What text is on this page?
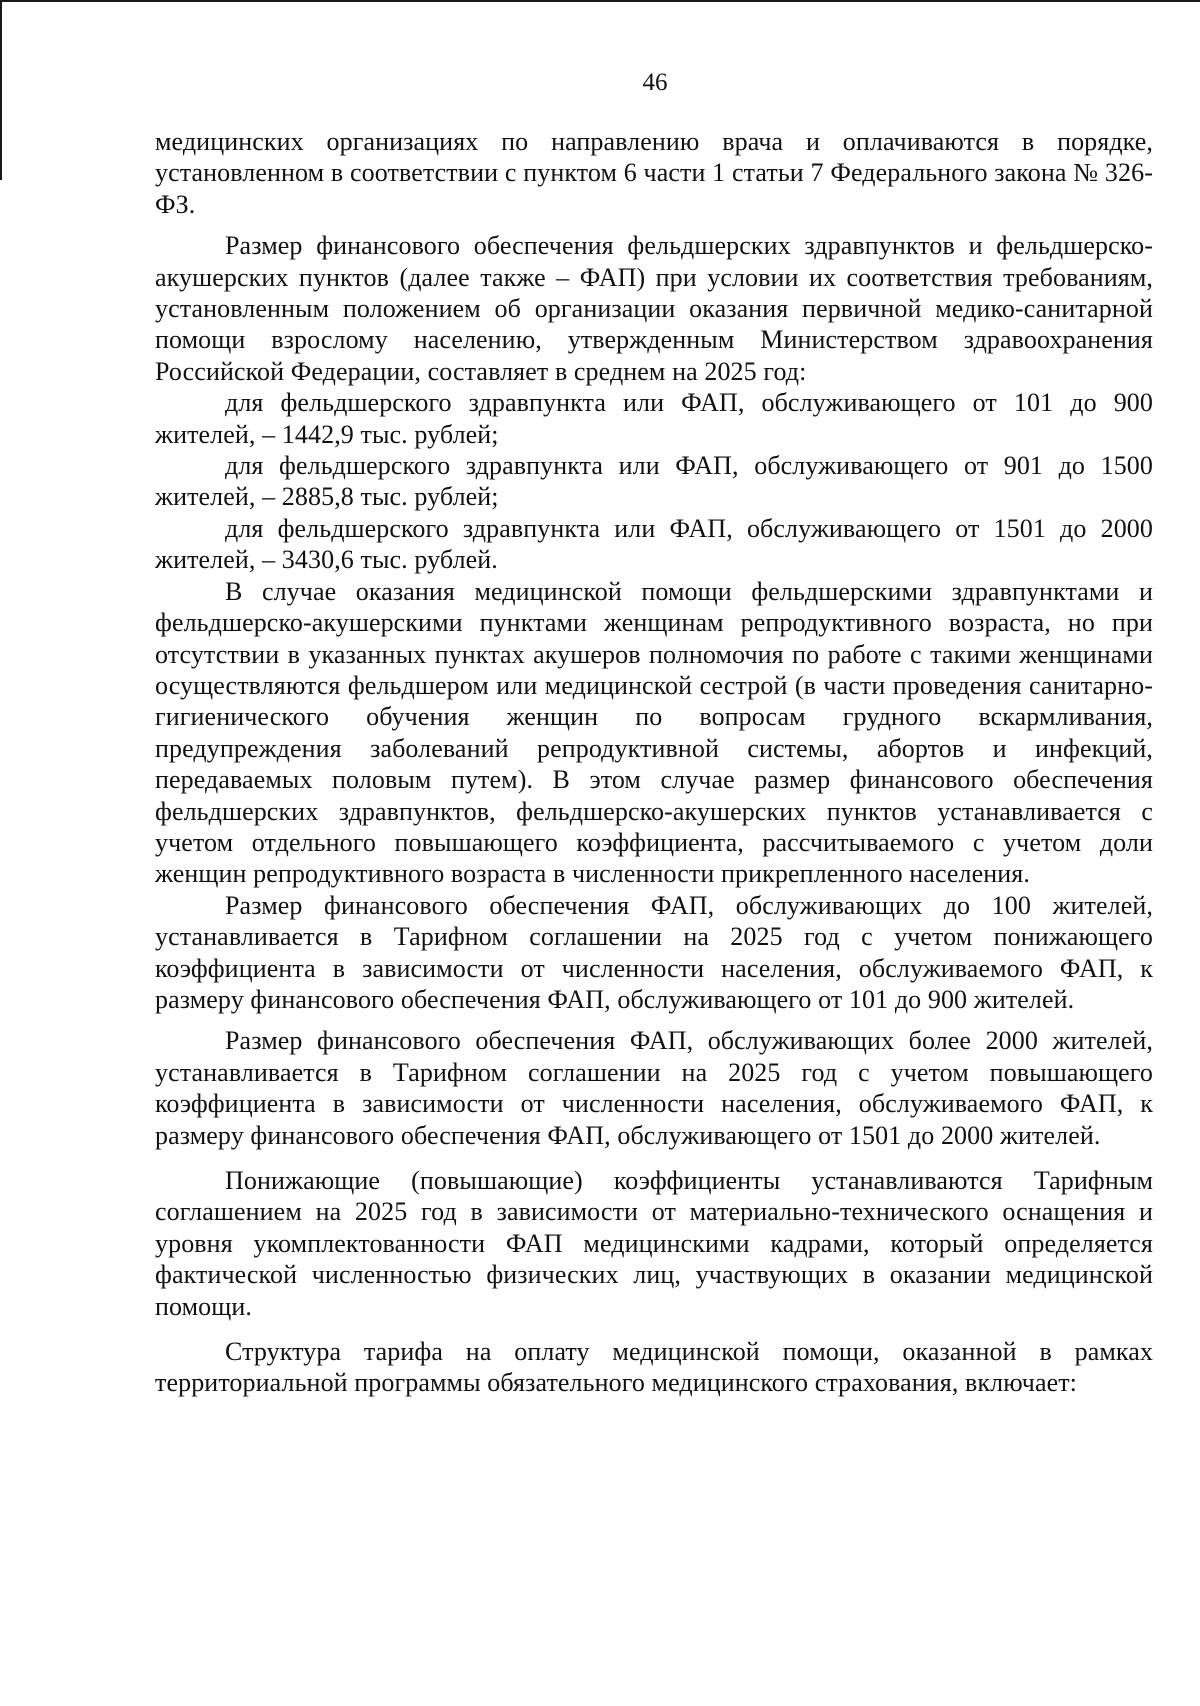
46

медицинских организациях по направлению врача и оплачиваются в порядке, установленном в соответствии с пунктом 6 части 1 статьи 7 Федерального закона № 326-ФЗ.

Размер финансового обеспечения фельдшерских здравпунктов и фельдшерско-акушерских пунктов (далее также – ФАП) при условии их соответствия требованиям, установленным положением об организации оказания первичной медико-санитарной помощи взрослому населению, утвержденным Министерством здравоохранения Российской Федерации, составляет в среднем на 2025 год:

для фельдшерского здравпункта или ФАП, обслуживающего от 101 до 900 жителей, – 1442,9 тыс. рублей;

для фельдшерского здравпункта или ФАП, обслуживающего от 901 до 1500 жителей, – 2885,8 тыс. рублей;

для фельдшерского здравпункта или ФАП, обслуживающего от 1501 до 2000 жителей, – 3430,6 тыс. рублей.

В случае оказания медицинской помощи фельдшерскими здравпунктами и фельдшерско-акушерскими пунктами женщинам репродуктивного возраста, но при отсутствии в указанных пунктах акушеров полномочия по работе с такими женщинами осуществляются фельдшером или медицинской сестрой (в части проведения санитарно-гигиенического обучения женщин по вопросам грудного вскармливания, предупреждения заболеваний репродуктивной системы, абортов и инфекций, передаваемых половым путем). В этом случае размер финансового обеспечения фельдшерских здравпунктов, фельдшерско-акушерских пунктов устанавливается с учетом отдельного повышающего коэффициента, рассчитываемого с учетом доли женщин репродуктивного возраста в численности прикрепленного населения.

Размер финансового обеспечения ФАП, обслуживающих до 100 жителей, устанавливается в Тарифном соглашении на 2025 год с учетом понижающего коэффициента в зависимости от численности населения, обслуживаемого ФАП, к размеру финансового обеспечения ФАП, обслуживающего от 101 до 900 жителей.

Размер финансового обеспечения ФАП, обслуживающих более 2000 жителей, устанавливается в Тарифном соглашении на 2025 год с учетом повышающего коэффициента в зависимости от численности населения, обслуживаемого ФАП, к размеру финансового обеспечения ФАП, обслуживающего от 1501 до 2000 жителей.

Понижающие (повышающие) коэффициенты устанавливаются Тарифным соглашением на 2025 год в зависимости от материально-технического оснащения и уровня укомплектованности ФАП медицинскими кадрами, который определяется фактической численностью физических лиц, участвующих в оказании медицинской помощи.

Структура тарифа на оплату медицинской помощи, оказанной в рамках территориальной программы обязательного медицинского страхования, включает:
